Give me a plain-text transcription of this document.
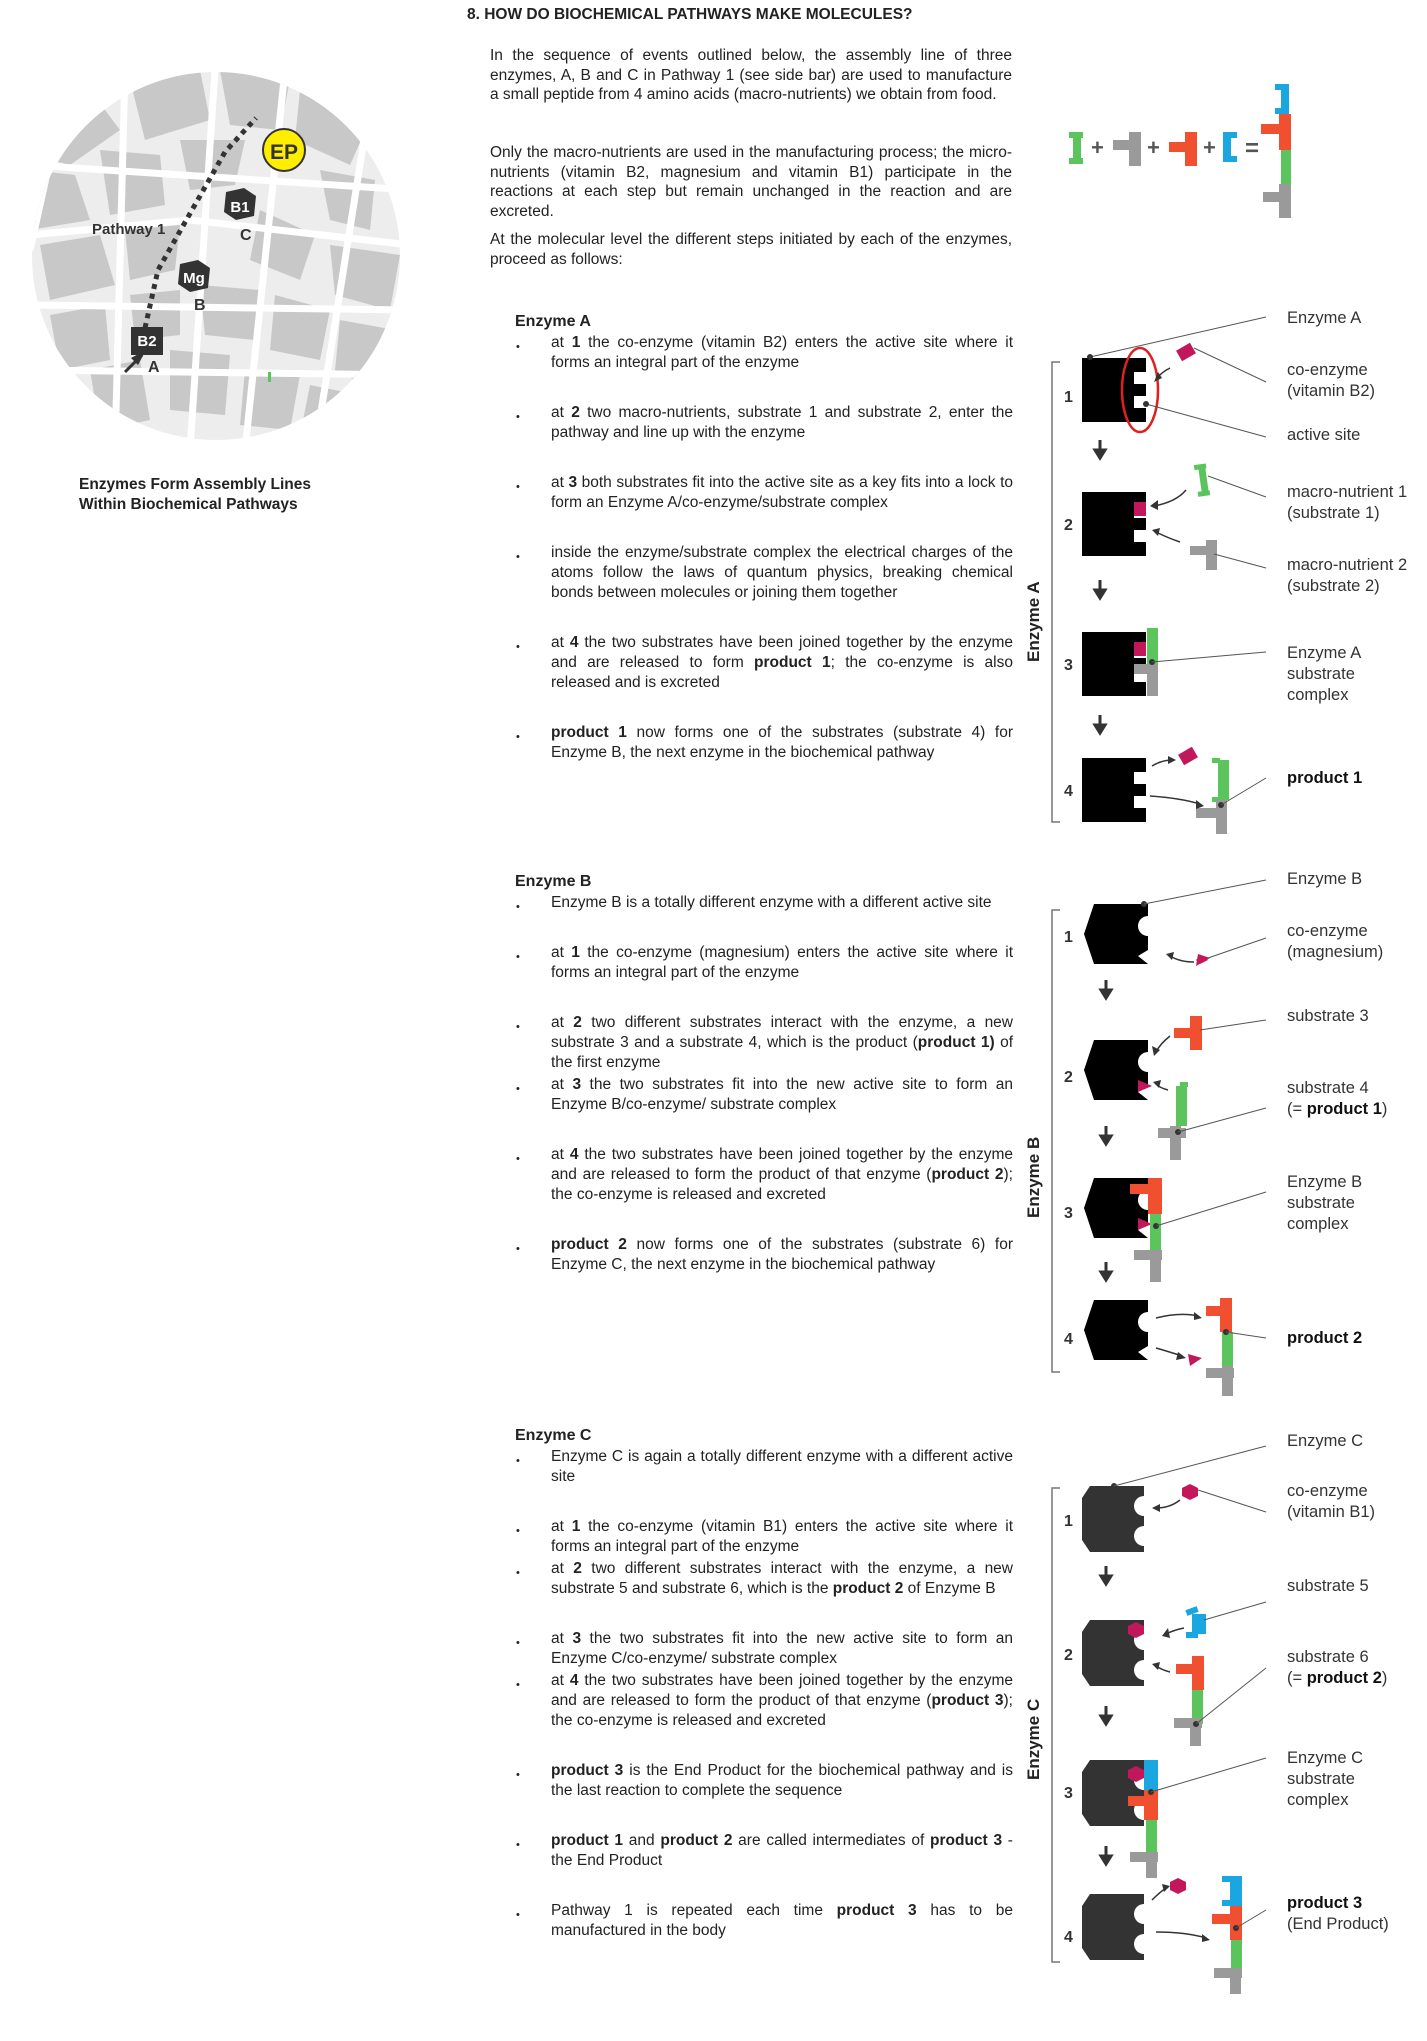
8. HOW DO BIOCHEMICAL PATHWAYS MAKE MOLECULES?
In the sequence of events outlined below, the assembly line of three enzymes, A, B and C in Pathway 1 (see side bar) are used to manufacture a small peptide from 4 amino acids (macro-nutrients) we obtain from food.
Only the macro-nutrients are used in the manufacturing process; the micro-nutrients (vitamin B2, magnesium and vitamin B1) participate in the reactions at each step but remain unchanged in the reaction and are excreted.
At the molecular level the different steps initiated by each of the enzymes, proceed as follows:
EP
B1
Mg
B2
A
B
C
Pathway 1
Enzymes Form Assembly Lines
Within Biochemical Pathways
+ + + =
Enzyme A
• at 1 the co-enzyme (vitamin B2) enters the active site where it forms an integral part of the enzyme
• at 2 two macro-nutrients, substrate 1 and substrate 2, enter the pathway and line up with the enzyme
• at 3 both substrates fit into the active site as a key fits into a lock to form an Enzyme A/co-enzyme/substrate complex
• inside the enzyme/substrate complex the electrical charges of the atoms follow the laws of quantum physics, breaking chemical bonds between molecules or joining them together
• at 4 the two substrates have been joined together by the enzyme and are released to form product 1; the co-enzyme is also released and is excreted
• product 1 now forms one of the substrates (substrate 4) for Enzyme B, the next enzyme in the biochemical pathway
Enzyme B
• Enzyme B is a totally different enzyme with a different active site
• at 1 the co-enzyme (magnesium) enters the active site where it forms an integral part of the enzyme
• at 2 two different substrates interact with the enzyme, a new substrate 3 and a substrate 4, which is the product (product 1) of the first enzyme
• at 3 the two substrates fit into the new active site to form an Enzyme B/co-enzyme/ substrate complex
• at 4 the two substrates have been joined together by the enzyme and are released to form the product of that enzyme (product 2); the co-enzyme is released and excreted
• product 2 now forms one of the substrates (substrate 6) for Enzyme C, the next enzyme in the biochemical pathway
Enzyme C
• Enzyme C is again a totally different enzyme with a different active site
• at 1 the co-enzyme (vitamin B1) enters the active site where it forms an integral part of the enzyme
• at 2 two different substrates interact with the enzyme, a new substrate 5 and substrate 6, which is the product 2 of Enzyme B
• at 3 the two substrates fit into the new active site to form an Enzyme C/co-enzyme/ substrate complex
• at 4 the two substrates have been joined together by the enzyme and are released to form the product of that enzyme (product 3); the co-enzyme is released and excreted
• product 3 is the End Product for the biochemical pathway and is the last reaction to complete the sequence
• product 1 and product 2 are called intermediates of product 3 - the End Product
• Pathway 1 is repeated each time product 3 has to be manufactured in the body
1
2
3
4
Enzyme A
Enzyme A
co-enzyme
(vitamin B2)
active site
macro-nutrient 1
(substrate 1)
macro-nutrient 2
(substrate 2)
Enzyme A
substrate
complex
product 1
1
2
3
4
Enzyme B
Enzyme B
co-enzyme
(magnesium)
substrate 3
substrate 4
(= product 1)
Enzyme B
substrate
complex
product 2
1
2
3
4
Enzyme C
Enzyme C
co-enzyme
(vitamin B1)
substrate 5
substrate 6
(= product 2)
Enzyme C
substrate
complex
product 3
(End Product)
